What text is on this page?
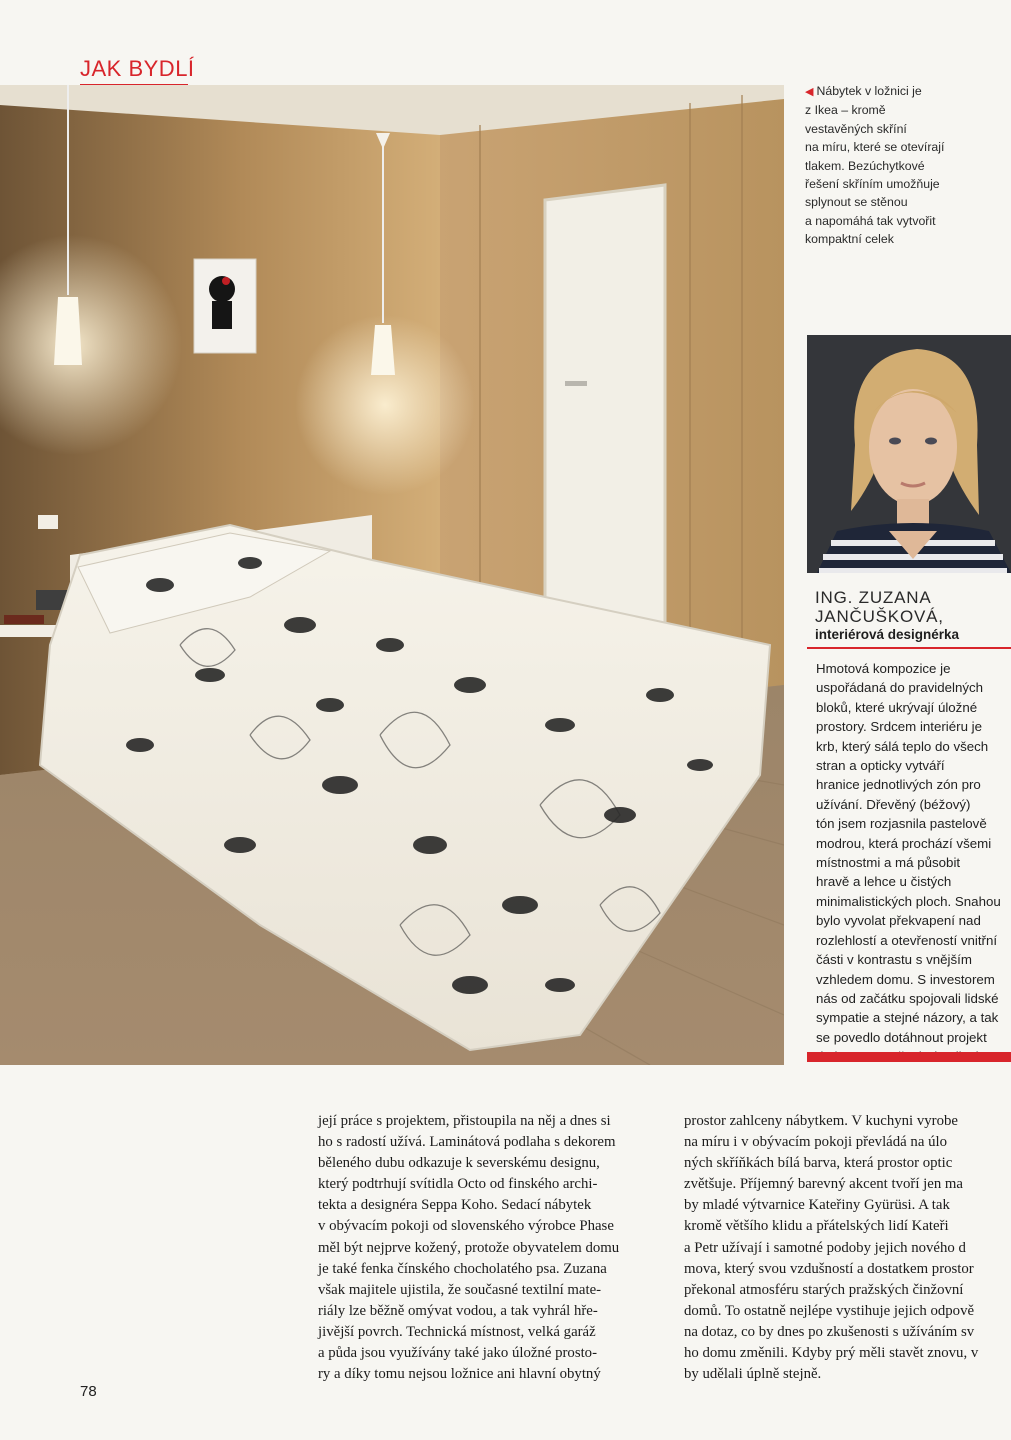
JAK BYDLÍ
◀ Nábytek v ložnici je
z Ikea – kromě
vestavěných skříní
na míru, které se otevírají
tlakem. Bezúchytkové
řešení skříním umožňuje
splynout se stěnou
a napomáhá tak vytvořit
kompaktní celek
ING. ZUZANA
JANČUŠKOVÁ,
interiérová designérka
Hmotová kompozice je
uspořádaná do pravidelných
bloků, které ukrývají úložné
prostory. Srdcem interiéru je
krb, který sálá teplo do všech
stran a opticky vytváří
hranice jednotlivých zón pro
užívání. Dřevěný (béžový)
tón jsem rozjasnila pastelově
modrou, která prochází všemi
místnostmi a má působit
hravě a lehce u čistých
minimalistických ploch. Snahou
bylo vyvolat překvapení nad
rozlehlostí a otevřeností vnitřní
části v kontrastu s vnějším
vzhledem domu. S investorem
nás od začátku spojovali lidské
sympatie a stejné názory, a tak
se povedlo dotáhnout projekt
její práce s projektem, přistoupila na něj a dnes si
ho s radostí užívá. Laminátová podlaha s dekorem
běleného dubu odkazuje k severskému designu,
který podtrhují svítidla Octo od finského archi-
tekta a designéra Seppa Koho. Sedací nábytek
v obývacím pokoji od slovenského výrobce Phase
měl být nejprve kožený, protože obyvatelem domu
je také fenka čínského chocholatého psa. Zuzana
však majitele ujistila, že současné textilní mate-
riály lze běžně omývat vodou, a tak vyhrál hře-
jivější povrch. Technická místnost, velká garáž
a půda jsou využívány také jako úložné prosto-
ry a díky tomu nejsou ložnice ani hlavní obytný
prostor zahlceny nábytkem. V kuchyni vyrobe
na míru i v obývacím pokoji převládá na úlo
ných skříňkách bílá barva, která prostor optic
zvětšuje. Příjemný barevný akcent tvoří jen ma
by mladé výtvarnice Kateřiny Gyürüsi. A tak
kromě většího klidu a přátelských lidí Kateři
a Petr užívají i samotné podoby jejich nového d
mova, který svou vzdušností a dostatkem prostor
překonal atmosféru starých pražských činžovní
domů. To ostatně nejlépe vystihuje jejich odpově
na dotaz, co by dnes po zkušenosti s užíváním sv
ho domu změnili. Kdyby prý měli stavět znovu, v
by udělali úplně stejně.
78
